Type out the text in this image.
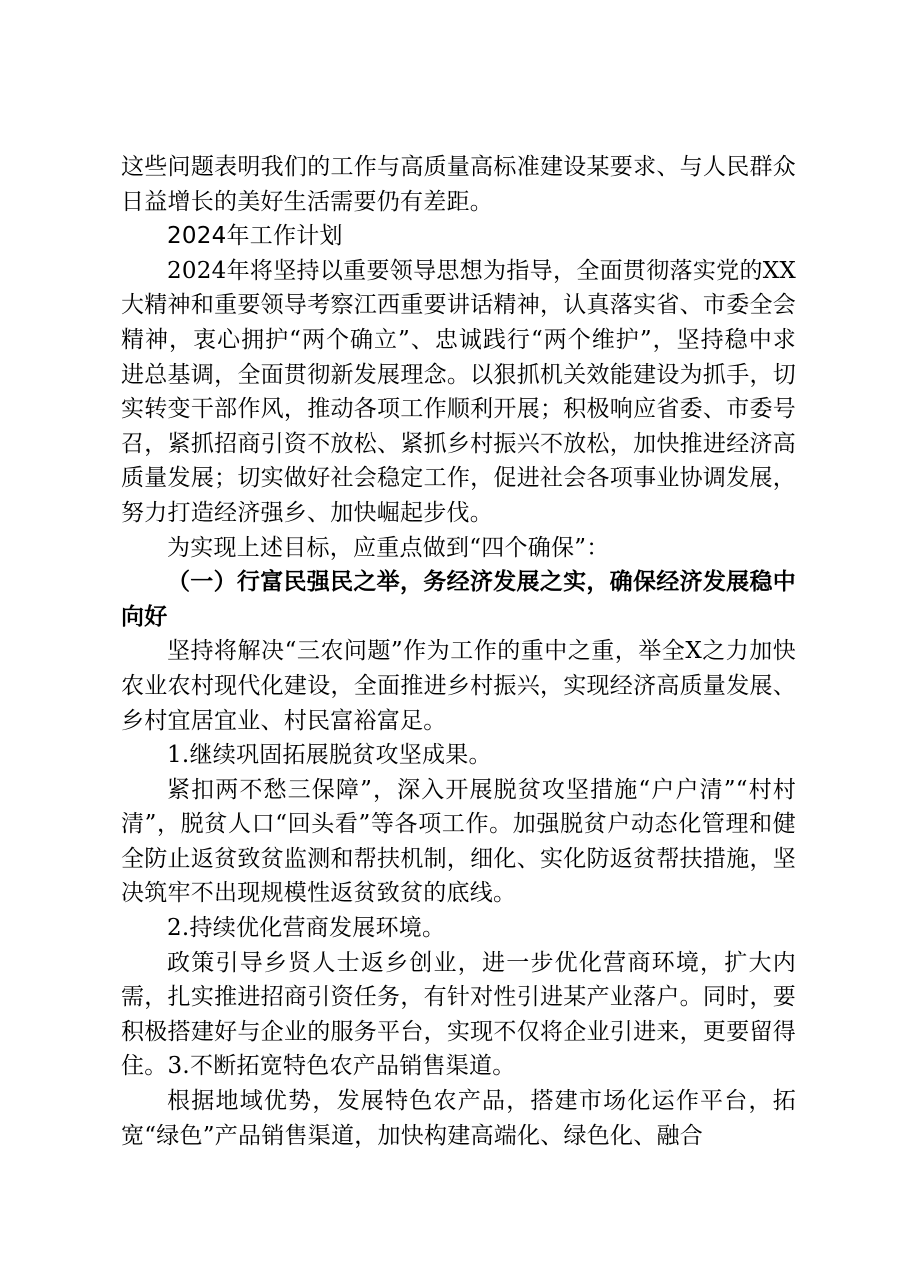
这些问题表明我们的工作与高质量高标准建设某要求、与人民群众日益增长的美好生活需要仍有差距。

2024年工作计划

2024年将坚持以重要领导思想为指导，全面贯彻落实党的XX大精神和重要领导考察江西重要讲话精神，认真落实省、市委全会精神，衷心拥护“两个确立”、忠诚践行“两个维护”，坚持稳中求进总基调，全面贯彻新发展理念。以狠抓机关效能建设为抓手，切实转变干部作风，推动各项工作顺利开展；积极响应省委、市委号召，紧抓招商引资不放松、紧抓乡村振兴不放松，加快推进经济高质量发展；切实做好社会稳定工作，促进社会各项事业协调发展，努力打造经济强乡、加快崛起步伐。

为实现上述目标，应重点做到“四个确保”：

（一）行富民强民之举，务经济发展之实，确保经济发展稳中向好

坚持将解决“三农问题”作为工作的重中之重，举全X之力加快农业农村现代化建设，全面推进乡村振兴，实现经济高质量发展、乡村宜居宜业、村民富裕富足。

1.继续巩固拓展脱贫攻坚成果。

紧扣两不愁三保障”，深入开展脱贫攻坚措施“户户清”“村村清”，脱贫人口“回头看”等各项工作。加强脱贫户动态化管理和健全防止返贫致贫监测和帮扶机制，细化、实化防返贫帮扶措施，坚决筑牢不出现规模性返贫致贫的底线。

2.持续优化营商发展环境。

政策引导乡贤人士返乡创业，进一步优化营商环境，扩大内需，扎实推进招商引资任务，有针对性引进某产业落户。同时，要积极搭建好与企业的服务平台，实现不仅将企业引进来，更要留得住。3.不断拓宽特色农产品销售渠道。

根据地域优势，发展特色农产品，搭建市场化运作平台，拓宽“绿色”产品销售渠道，加快构建高端化、绿色化、融合
